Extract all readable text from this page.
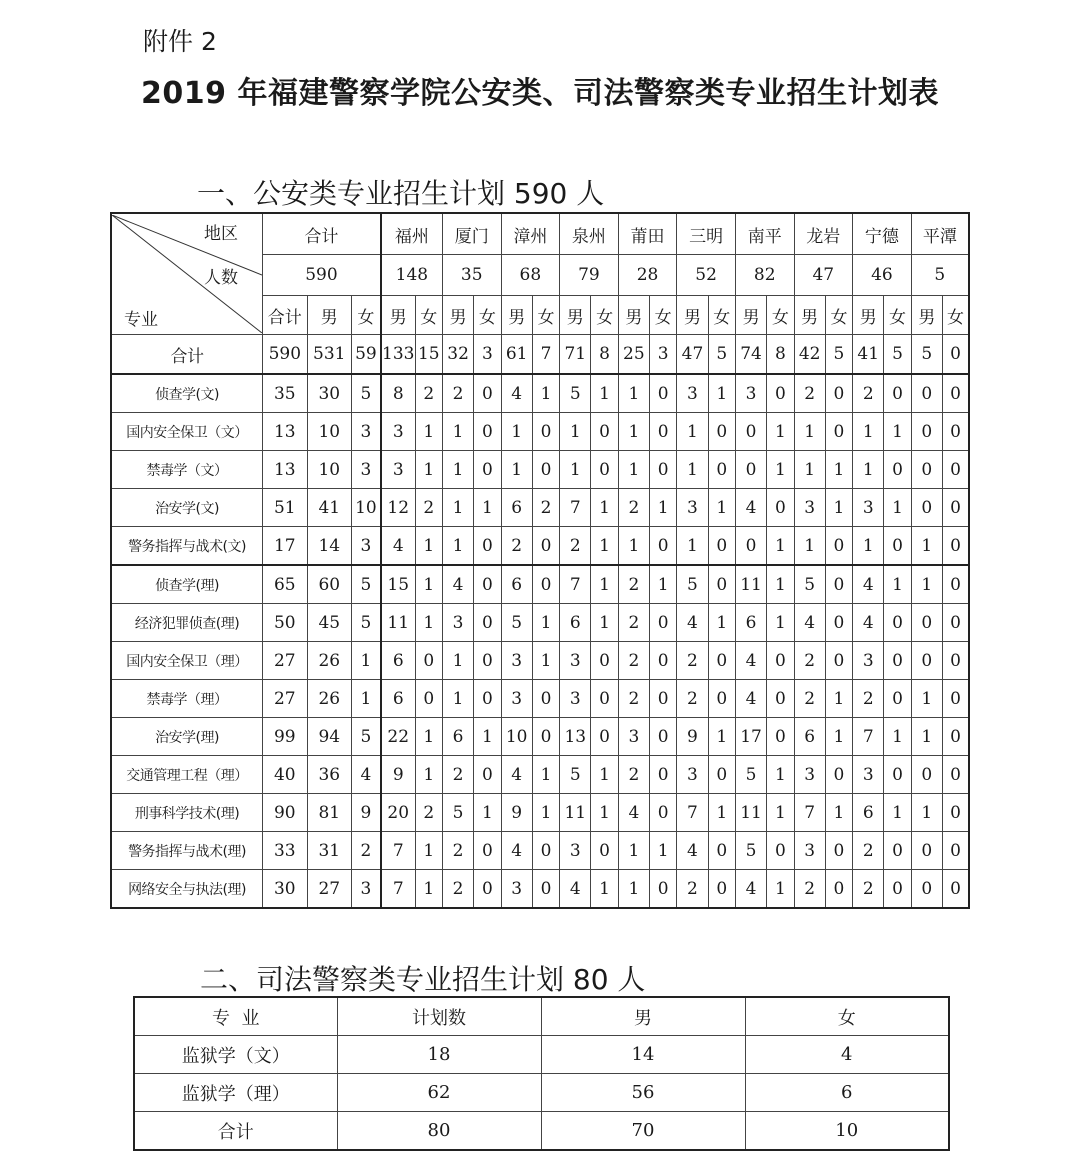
附件 2
2019 年福建警察学院公安类、司法警察类专业招生计划表
一、公安类专业招生计划 590 人
地区
人数
专业	合计			福州		厦门		漳州		泉州		莆田		三明		南平		龙岩		宁德		平潭	
	590			148		35		68		79		28		52		82		47		46		5	
	合计	男	女	男	女	男	女	男	女	男	女	男	女	男	女	男	女	男	女	男	女	男	女
合计	590	531	59	133	15	32	3	61	7	71	8	25	3	47	5	74	8	42	5	41	5	5	0
侦查学(文)	35	30	5	8	2	2	0	4	1	5	1	1	0	3	1	3	0	2	0	2	0	0	0
国内安全保卫（文）	13	10	3	3	1	1	0	1	0	1	0	1	0	1	0	0	1	1	0	1	1	0	0
禁毒学（文）	13	10	3	3	1	1	0	1	0	1	0	1	0	1	0	0	1	1	1	1	0	0	0
治安学(文)	51	41	10	12	2	1	1	6	2	7	1	2	1	3	1	4	0	3	1	3	1	0	0
警务指挥与战术(文)	17	14	3	4	1	1	0	2	0	2	1	1	0	1	0	0	1	1	0	1	0	1	0
侦查学(理)	65	60	5	15	1	4	0	6	0	7	1	2	1	5	0	11	1	5	0	4	1	1	0
经济犯罪侦查(理)	50	45	5	11	1	3	0	5	1	6	1	2	0	4	1	6	1	4	0	4	0	0	0
国内安全保卫（理）	27	26	1	6	0	1	0	3	1	3	0	2	0	2	0	4	0	2	0	3	0	0	0
禁毒学（理）	27	26	1	6	0	1	0	3	0	3	0	2	0	2	0	4	0	2	1	2	0	1	0
治安学(理)	99	94	5	22	1	6	1	10	0	13	0	3	0	9	1	17	0	6	1	7	1	1	0
交通管理工程（理）	40	36	4	9	1	2	0	4	1	5	1	2	0	3	0	5	1	3	0	3	0	0	0
刑事科学技术(理)	90	81	9	20	2	5	1	9	1	11	1	4	0	7	1	11	1	7	1	6	1	1	0
警务指挥与战术(理)	33	31	2	7	1	2	0	4	0	3	0	1	1	4	0	5	0	3	0	2	0	0	0
网络安全与执法(理)	30	27	3	7	1	2	0	3	0	4	1	1	0	2	0	4	1	2	0	2	0	0	0
二、司法警察类专业招生计划 80 人
专  业	计划数	男	女
监狱学（文）	18	14	4
监狱学（理）	62	56	6
合计	80	70	10
